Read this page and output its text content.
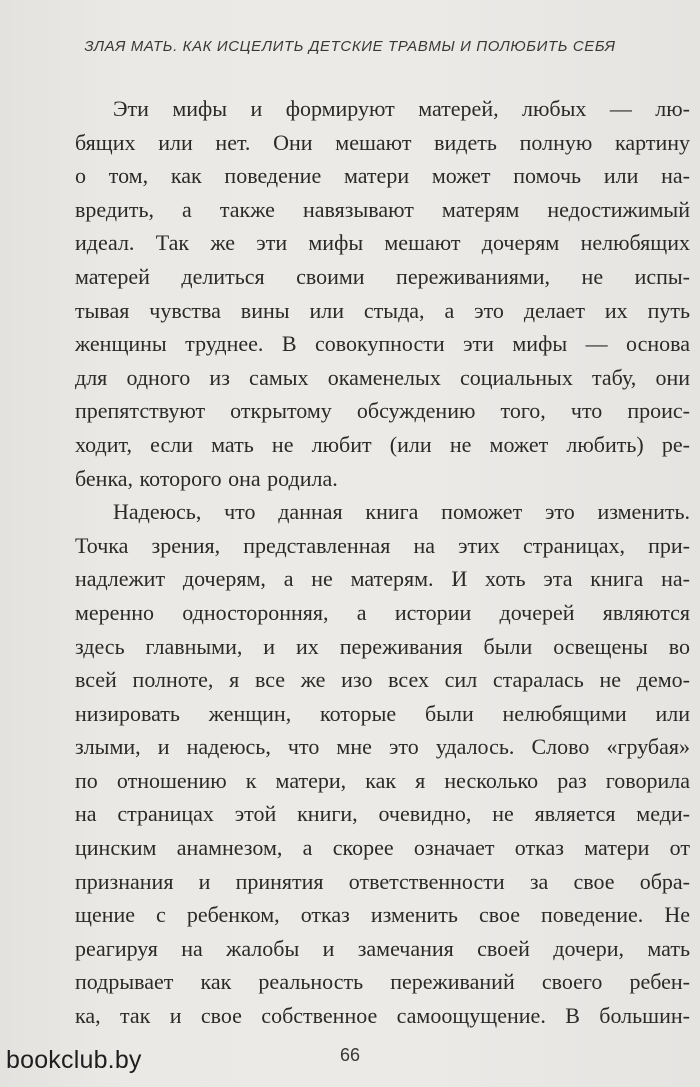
ЗЛАЯ МАТЬ. КАК ИСЦЕЛИТЬ ДЕТСКИЕ ТРАВМЫ И ПОЛЮБИТЬ СЕБЯ
Эти мифы и формируют матерей, любых — лю-
бящих или нет. Они мешают видеть полную картину
о том, как поведение матери может помочь или на-
вредить, а также навязывают матерям недостижимый
идеал. Так же эти мифы мешают дочерям нелюбящих
матерей делиться своими переживаниями, не испы-
тывая чувства вины или стыда, а это делает их путь
женщины труднее. В совокупности эти мифы — основа
для одного из самых окаменелых социальных табу, они
препятствуют открытому обсуждению того, что проис-
ходит, если мать не любит (или не может любить) ре-
бенка, которого она родила.
Надеюсь, что данная книга поможет это изменить.
Точка зрения, представленная на этих страницах, при-
надлежит дочерям, а не матерям. И хоть эта книга на-
меренно односторонняя, а истории дочерей являются
здесь главными, и их переживания были освещены во
всей полноте, я все же изо всех сил старалась не демо-
низировать женщин, которые были нелюбящими или
злыми, и надеюсь, что мне это удалось. Слово «грубая»
по отношению к матери, как я несколько раз говорила
на страницах этой книги, очевидно, не является меди-
цинским анамнезом, а скорее означает отказ матери от
признания и принятия ответственности за свое обра-
щение с ребенком, отказ изменить свое поведение. Не
реагируя на жалобы и замечания своей дочери, мать
подрывает как реальность переживаний своего ребен-
ка, так и свое собственное самоощущение. В большин-
66
bookclub.by
